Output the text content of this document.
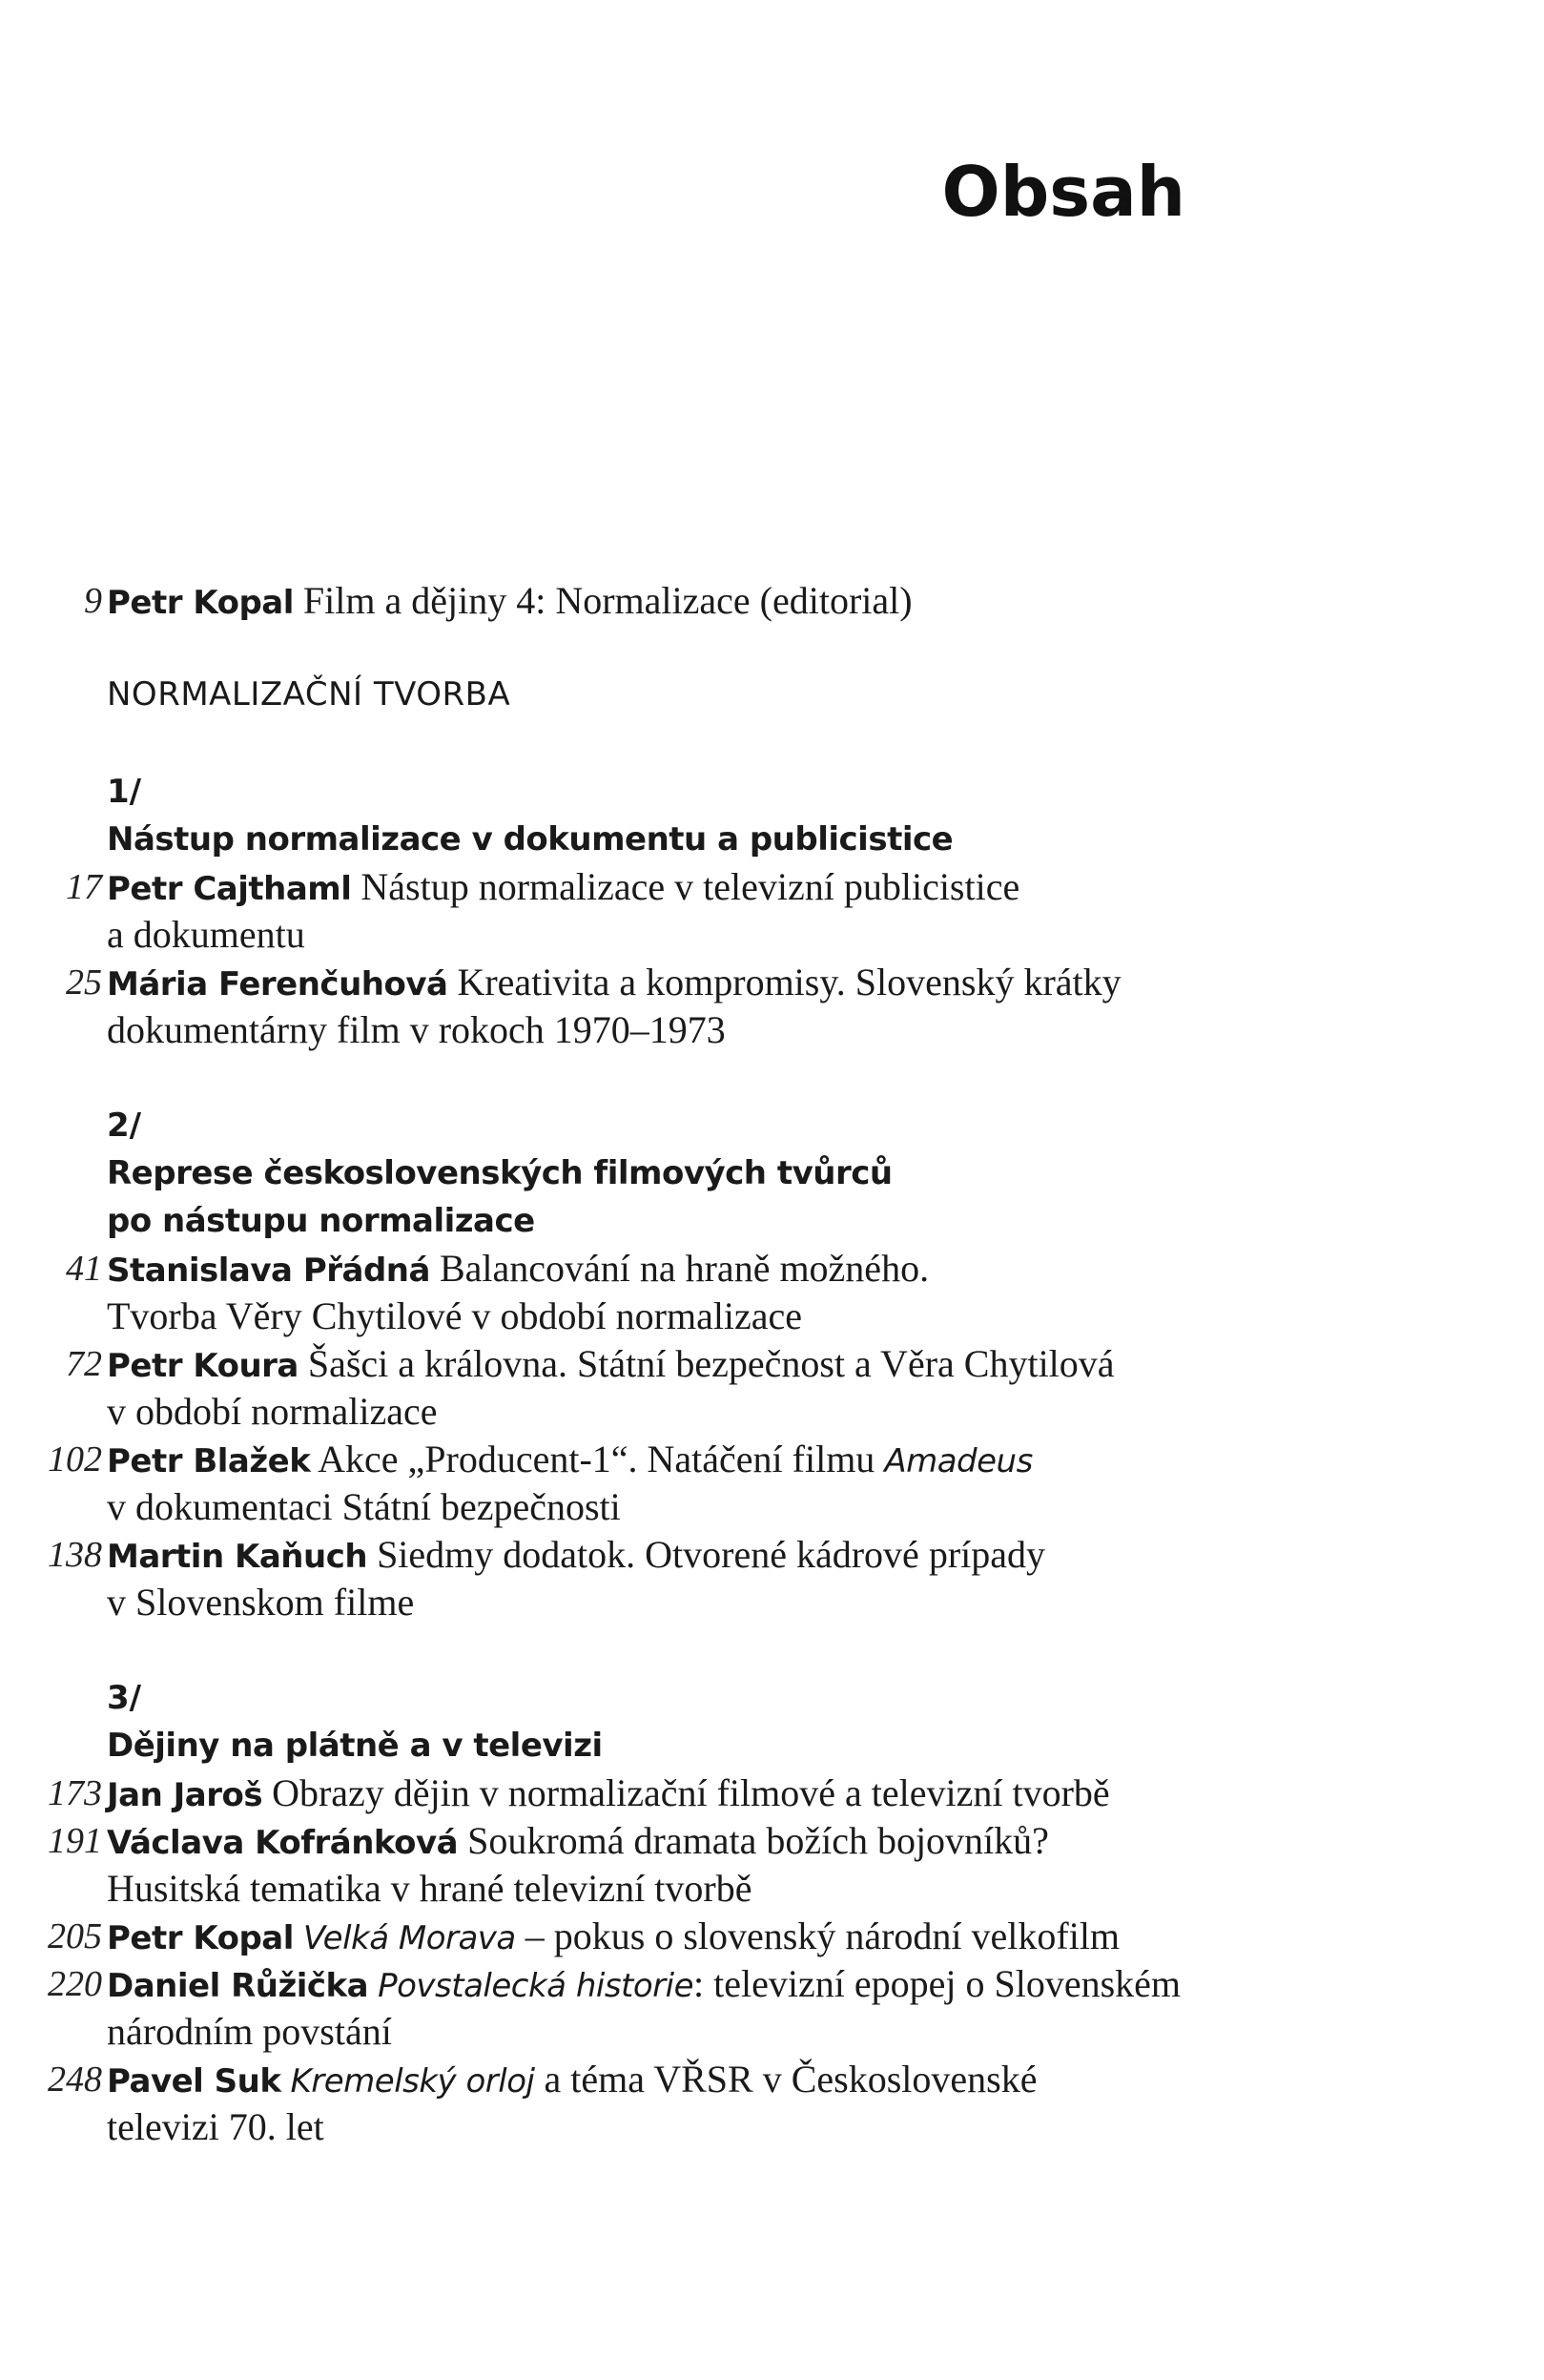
Obsah
9 Petr Kopal Film a dějiny 4: Normalizace (editorial)
NORMALIZAČNÍ TVORBA
1/
Nástup normalizace v dokumentu a publicistice
17 Petr Cajthaml Nástup normalizace v televizní publicistice
a dokumentu
25 Mária Ferenčuhová Kreativita a kompromisy. Slovenský krátky
dokumentárny film v rokoch 1970–1973
2/
Represe československých filmových tvůrců
po nástupu normalizace
41 Stanislava Přádná Balancování na hraně možného.
Tvorba Věry Chytilové v období normalizace
72 Petr Koura Šašci a královna. Státní bezpečnost a Věra Chytilová
v období normalizace
102 Petr Blažek Akce „Producent-1“. Natáčení filmu Amadeus
v dokumentaci Státní bezpečnosti
138 Martin Kaňuch Siedmy dodatok. Otvorené kádrové prípady
v Slovenskom filme
3/
Dějiny na plátně a v televizi
173 Jan Jaroš Obrazy dějin v normalizační filmové a televizní tvorbě
191 Václava Kofránková Soukromá dramata božích bojovníků?
Husitská tematika v hrané televizní tvorbě
205 Petr Kopal Velká Morava – pokus o slovenský národní velkofilm
220 Daniel Růžička Povstalecká historie: televizní epopej o Slovenském
národním povstání
248 Pavel Suk Kremelský orloj a téma VŘSR v Československé
televizi 70. let
